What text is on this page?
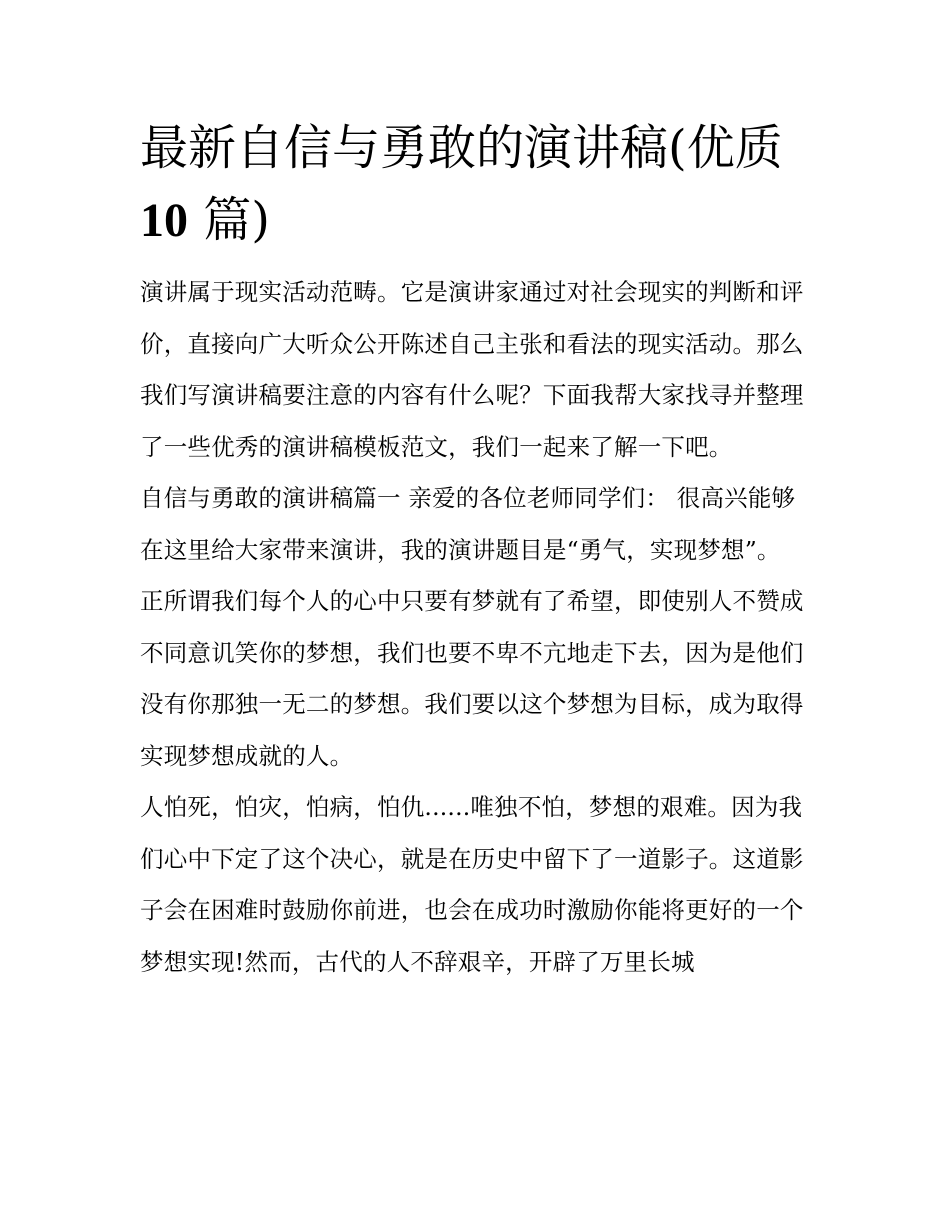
最新自信与勇敢的演讲稿(优质
10 篇)

演讲属于现实活动范畴。它是演讲家通过对社会现实的判断和评价，直接向广大听众公开陈述自己主张和看法的现实活动。那么我们写演讲稿要注意的内容有什么呢？下面我帮大家找寻并整理了一些优秀的演讲稿模板范文，我们一起来了解一下吧。

自信与勇敢的演讲稿篇一 亲爱的各位老师同学们： 很高兴能够在这里给大家带来演讲，我的演讲题目是“勇气，实现梦想”。

正所谓我们每个人的心中只要有梦就有了希望，即使别人不赞成不同意讥笑你的梦想，我们也要不卑不亢地走下去，因为是他们没有你那独一无二的梦想。我们要以这个梦想为目标，成为取得实现梦想成就的人。

人怕死，怕灾，怕病，怕仇......唯独不怕，梦想的艰难。因为我们心中下定了这个决心，就是在历史中留下了一道影子。这道影子会在困难时鼓励你前进，也会在成功时激励你能将更好的一个梦想实现!然而，古代的人不辞艰辛，开辟了万里长城
